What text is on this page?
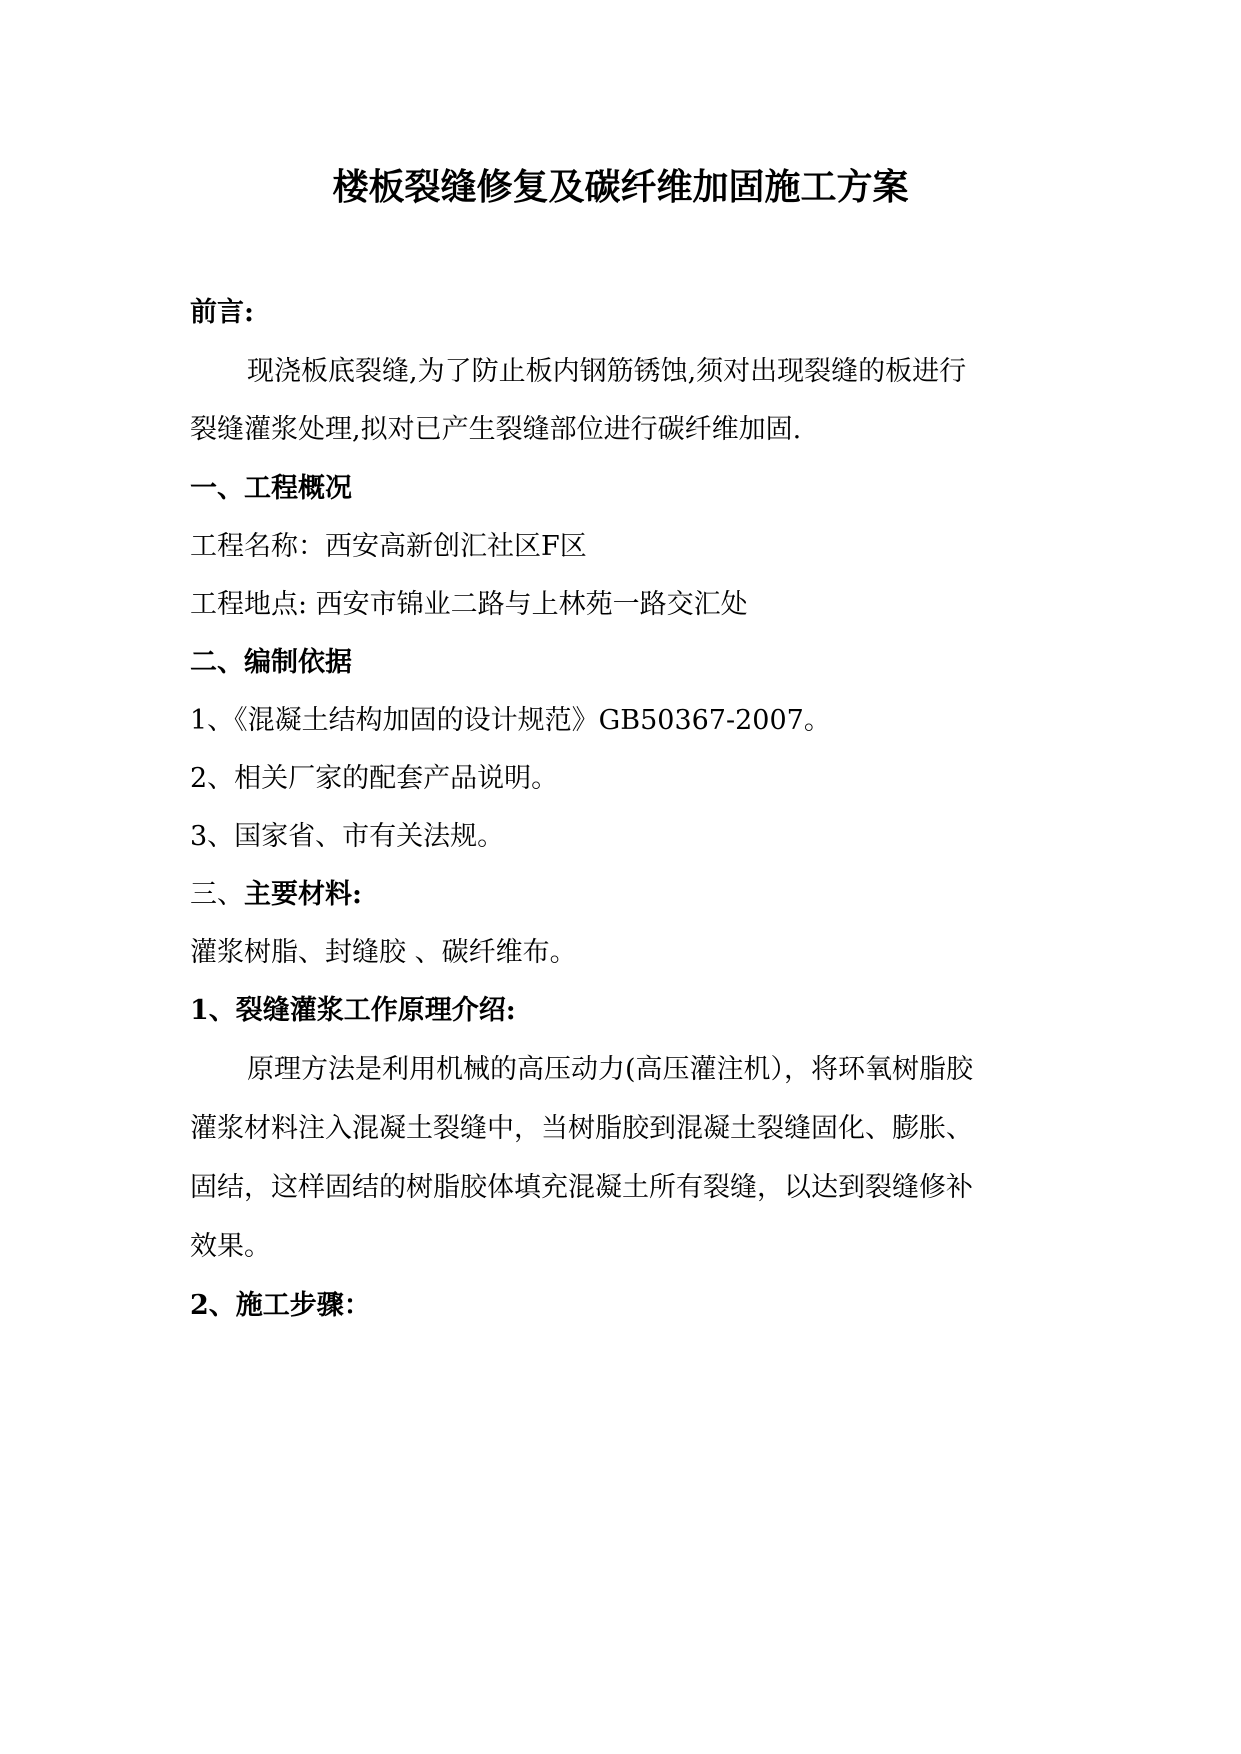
楼板裂缝修复及碳纤维加固施工方案
前言:
现浇板底裂缝,为了防止板内钢筋锈蚀,须对出现裂缝的板进行
裂缝灌浆处理,拟对已产生裂缝部位进行碳纤维加固.
一、工程概况
工程名称：西安高新创汇社区F区
工程地点: 西安市锦业二路与上林苑一路交汇处
二、编制依据
1、《混凝土结构加固的设计规范》GB50367-2007。
2、相关厂家的配套产品说明。
3、国家省、市有关法规。
三、主要材料:
灌浆树脂、封缝胶 、碳纤维布。
1、裂缝灌浆工作原理介绍:
原理方法是利用机械的高压动力(高压灌注机），将环氧树脂胶
灌浆材料注入混凝土裂缝中，当树脂胶到混凝土裂缝固化、膨胀、
固结，这样固结的树脂胶体填充混凝土所有裂缝，以达到裂缝修补
效果。
2、施工步骤：
